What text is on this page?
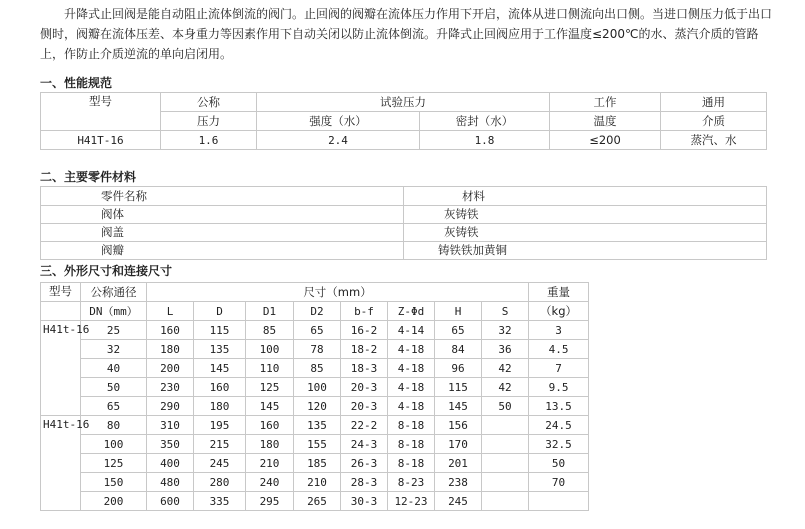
升降式止回阀是能自动阻止流体倒流的阀门。止回阀的阀瓣在流体压力作用下开启，流体从进口侧流向出口侧。当进口侧压力低于出口侧时，阀瓣在流体压差、本身重力等因素作用下自动关闭以防止流体倒流。升降式止回阀应用于工作温度≤200℃的水、蒸汽介质的管路上，作防止介质逆流的单向启闭用。

一、性能规范
型号	公称	试验压力		工作	通用
	压力	强度（水）	密封（水）	温度	介质
H41T-16	1.6	2.4	1.8	≤200	蒸汽、水
二、主要零件材料
零件名称	材料
阀体	灰铸铁
阀盖	灰铸铁
阀瓣	铸铁铁加黄铜
三、外形尺寸和连接尺寸
型号	公称通径	尺寸（mm）								重量
	DN（mm）	L	D	D1	D2	b-f	Z-Φd	H	S	（kg）
H41t-16	25	160	115	85	65	16-2	4-14	65	32	3
	32	180	135	100	78	18-2	4-18	84	36	4.5
	40	200	145	110	85	18-3	4-18	96	42	7
	50	230	160	125	100	20-3	4-18	115	42	9.5
	65	290	180	145	120	20-3	4-18	145	50	13.5
H41t-16	80	310	195	160	135	22-2	8-18	156		24.5
	100	350	215	180	155	24-3	8-18	170		32.5
	125	400	245	210	185	26-3	8-18	201		50
	150	480	280	240	210	28-3	8-23	238		70
	200	600	335	295	265	30-3	12-23	245		
